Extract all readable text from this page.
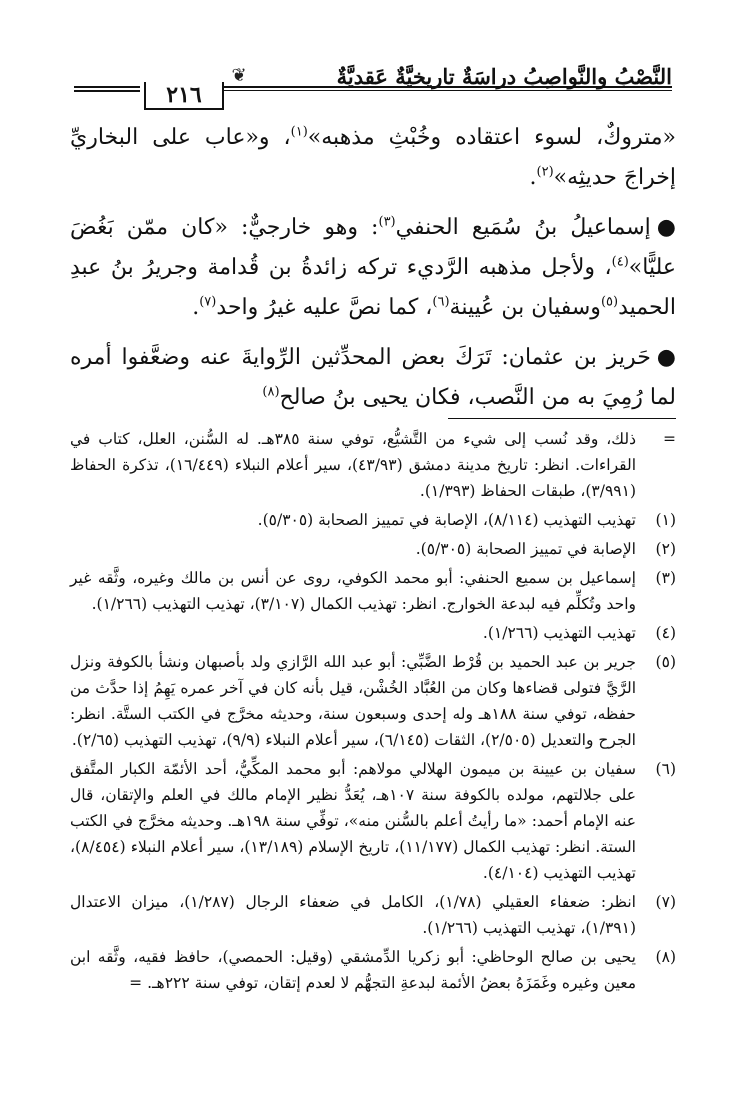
النَّصْبُ والنَّواصِبُ دراسَةٌ تاريخيَّةٌ عَقديَّةٌ
❦
٢١٦

«متروكٌ، لسوء اعتقاده وخُبْثِ مذهبه»$^{(١)}$، و«عاب على البخاريِّ إخراجَ حديثِه»$^{(٢)}$.

●إسماعيلُ بنُ سُمَيع الحنفي$^{(٣)}$: وهو خارجيٌّ: «كان ممّن بَغُضَ عليًّا»$^{(٤)}$، ولأجل مذهبه الرَّديء تركه زائدةُ بن قُدامة وجريرُ بنُ عبدِ الحميد$^{(٥)}$وسفيان بن عُيينة$^{(٦)}$، كما نصَّ عليه غيرُ واحد$^{(٧)}$.

●حَريز بن عثمان: تَرَكَ بعض المحدِّثين الرِّوايةَ عنه وضعَّفوا أمره لما رُمِيَ به من النَّصب، فكان يحيى بنُ صالح$^{(٨)}$

=
ذلك، وقد نُسب إلى شيء من التَّشيُّع، توفي سنة ٣٨٥هـ. له السُّنن، العلل، كتاب في القراءات. انظر: تاريخ مدينة دمشق (٤٣/٩٣)، سير أعلام النبلاء (١٦/٤٤٩)، تذكرة الحفاظ (٣/٩٩١)، طبقات الحفاظ (١/٣٩٣).
(١)
تهذيب التهذيب (٨/١١٤)، الإصابة في تمييز الصحابة (٥/٣٠٥).
(٢)
الإصابة في تمييز الصحابة (٥/٣٠٥).
(٣)
إسماعيل بن سميع الحنفي: أبو محمد الكوفي، روى عن أنس بن مالك وغيره، وثَّقه غير واحد وتُكلِّم فيه لبدعة الخوارج. انظر: تهذيب الكمال (٣/١٠٧)، تهذيب التهذيب (١/٢٦٦).
(٤)
تهذيب التهذيب (١/٢٦٦).
(٥)
جرير بن عبد الحميد بن قُرْط الضَّبِّي: أبو عبد الله الرَّازي ولد بأصبهان ونشأ بالكوفة ونزل الرَّيَّ فتولى قضاءها وكان من العُبَّاد الخُشْن، قيل بأنه كان في آخر عمره يَهِمُ إذا حدَّث من حفظه، توفي سنة ١٨٨هـ وله إحدى وسبعون سنة، وحديثه مخرَّج في الكتب الستَّة. انظر: الجرح والتعديل (٢/٥٠٥)، الثقات (٦/١٤٥)، سير أعلام النبلاء (٩/٩)، تهذيب التهذيب (٢/٦٥).
(٦)
سفيان بن عيينة بن ميمون الهلالي مولاهم: أبو محمد المكِّيُّ، أحد الأئمّة الكبار المتَّفق على جلالتهم، مولده بالكوفة سنة ١٠٧هـ، يُعَدُّ نظير الإمام مالك في العلم والإتقان، قال عنه الإمام أحمد: «ما رأيتُ أعلم بالسُّنن منه»، توفِّي سنة ١٩٨هـ. وحديثه مخرَّج في الكتب الستة. انظر: تهذيب الكمال (١١/١٧٧)، تاريخ الإسلام (١٣/١٨٩)، سير أعلام النبلاء (٨/٤٥٤)، تهذيب التهذيب (٤/١٠٤).
(٧)
انظر: ضعفاء العقيلي (١/٧٨)، الكامل في ضعفاء الرجال (١/٢٨٧)، ميزان الاعتدال (١/٣٩١)، تهذيب التهذيب (١/٢٦٦).
(٨)
يحيى بن صالح الوحاظي: أبو زكريا الدِّمشقي (وقيل: الحمصي)، حافظ فقيه، وثَّقه ابن معين وغيره وغَمَزَهُ بعضُ الأئمة لبدعةِ التجهُّم لا لعدم إتقان، توفي سنة ٢٢٢هـ. =
